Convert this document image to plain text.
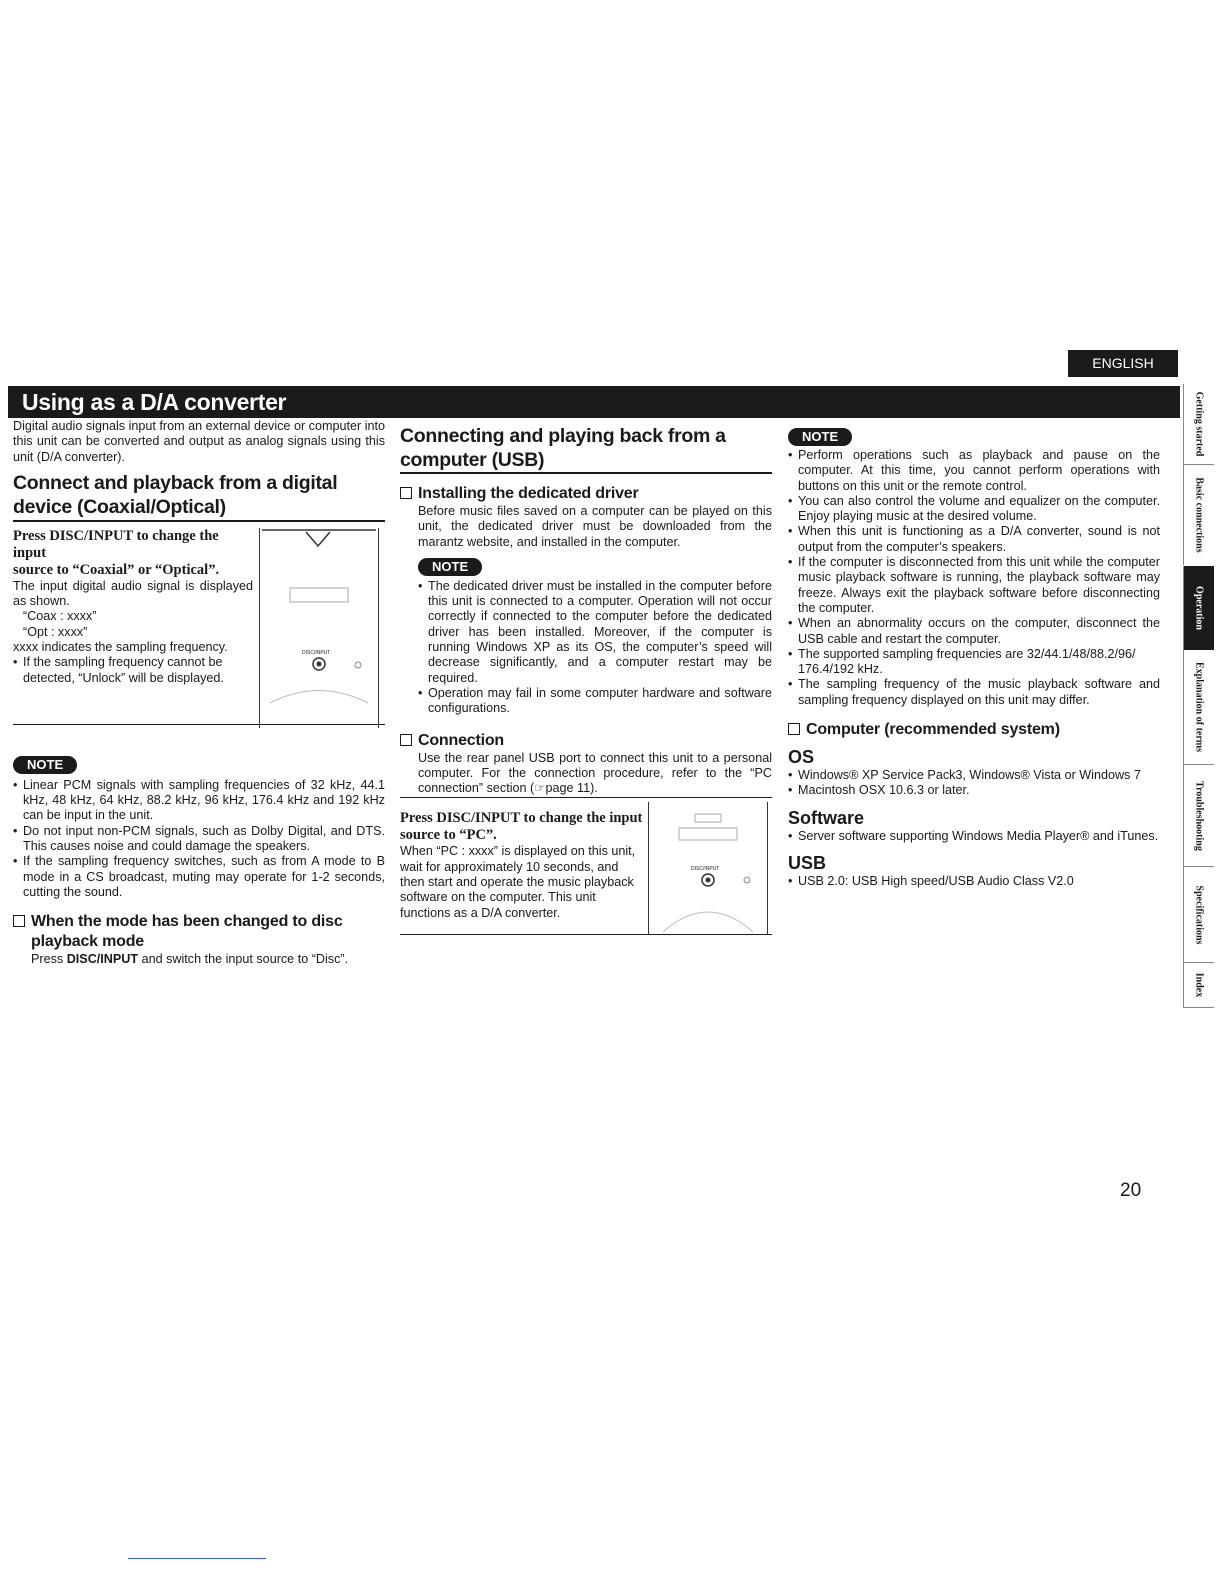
ENGLISH
Using as a D/A converter

Digital audio signals input from an external device or computer into this unit can be converted and output as analog signals using this unit (D/A converter).

Connect and playback from a digital device (Coaxial/Optical)
Press DISC/INPUT to change the input
source to “Coaxial” or “Optical”.

The input digital audio signal is displayed as shown.

“Coax : xxxx”

“Opt : xxxx”

xxxx indicates the sampling frequency.

• If the sampling frequency cannot be detected, “Unlock” will be displayed.

DISC/INPUT
NOTE

• Linear PCM signals with sampling frequencies of 32 kHz, 44.1 kHz, 48 kHz, 64 kHz, 88.2 kHz, 96 kHz, 176.4 kHz and 192 kHz can be input in the unit.

• Do not input non-PCM signals, such as Dolby Digital, and DTS. This causes noise and could damage the speakers.

• If the sampling frequency switches, such as from A mode to B mode in a CS broadcast, muting may operate for 1-2 seconds, cutting the sound.

When the mode has been changed to disc
playback mode

Press DISC/INPUT and switch the input source to “Disc”.

Connecting and playing back from a
computer (USB)
Installing the dedicated driver

Before music files saved on a computer can be played on this unit, the dedicated driver must be downloaded from the marantz website, and installed in the computer.

NOTE

• The dedicated driver must be installed in the computer before this unit is connected to a computer. Operation will not occur correctly if connected to the computer before the dedicated driver has been installed. Moreover, if the computer is running Windows XP as its OS, the computer’s speed will decrease significantly, and a computer restart may be required.

• Operation may fail in some computer hardware and software configurations.

Connection

Use the rear panel USB port to connect this unit to a personal computer. For the connection procedure, refer to the “PC connection” section (☞page 11).

Press DISC/INPUT to change the input
source to “PC”.

When “PC : xxxx” is displayed on this unit, wait for approximately 10 seconds, and then start and operate the music playback software on the computer. This unit functions as a D/A converter.

DISC/INPUT
NOTE

• Perform operations such as playback and pause on the computer. At this time, you cannot perform operations with buttons on this unit or the remote control.

• You can also control the volume and equalizer on the computer. Enjoy playing music at the desired volume.

• When this unit is functioning as a D/A converter, sound is not output from the computer’s speakers.

• If the computer is disconnected from this unit while the computer music playback software is running, the playback software may freeze. Always exit the playback software before disconnecting the computer.

• When an abnormality occurs on the computer, disconnect the USB cable and restart the computer.

• The supported sampling frequencies are 32/44.1/48/88.2/96/ 176.4/192 kHz.

• The sampling frequency of the music playback software and sampling frequency displayed on this unit may differ.

Computer (recommended system)
OS

• Windows® XP Service Pack3, Windows® Vista or Windows 7

• Macintosh OSX 10.6.3 or later.

Software

• Server software supporting Windows Media Player® and iTunes.

USB

• USB 2.0: USB High speed/USB Audio Class V2.0

Getting started
Basic connections
Operation
Explanation of terms
Troubleshooting
Specifications
Index
20
